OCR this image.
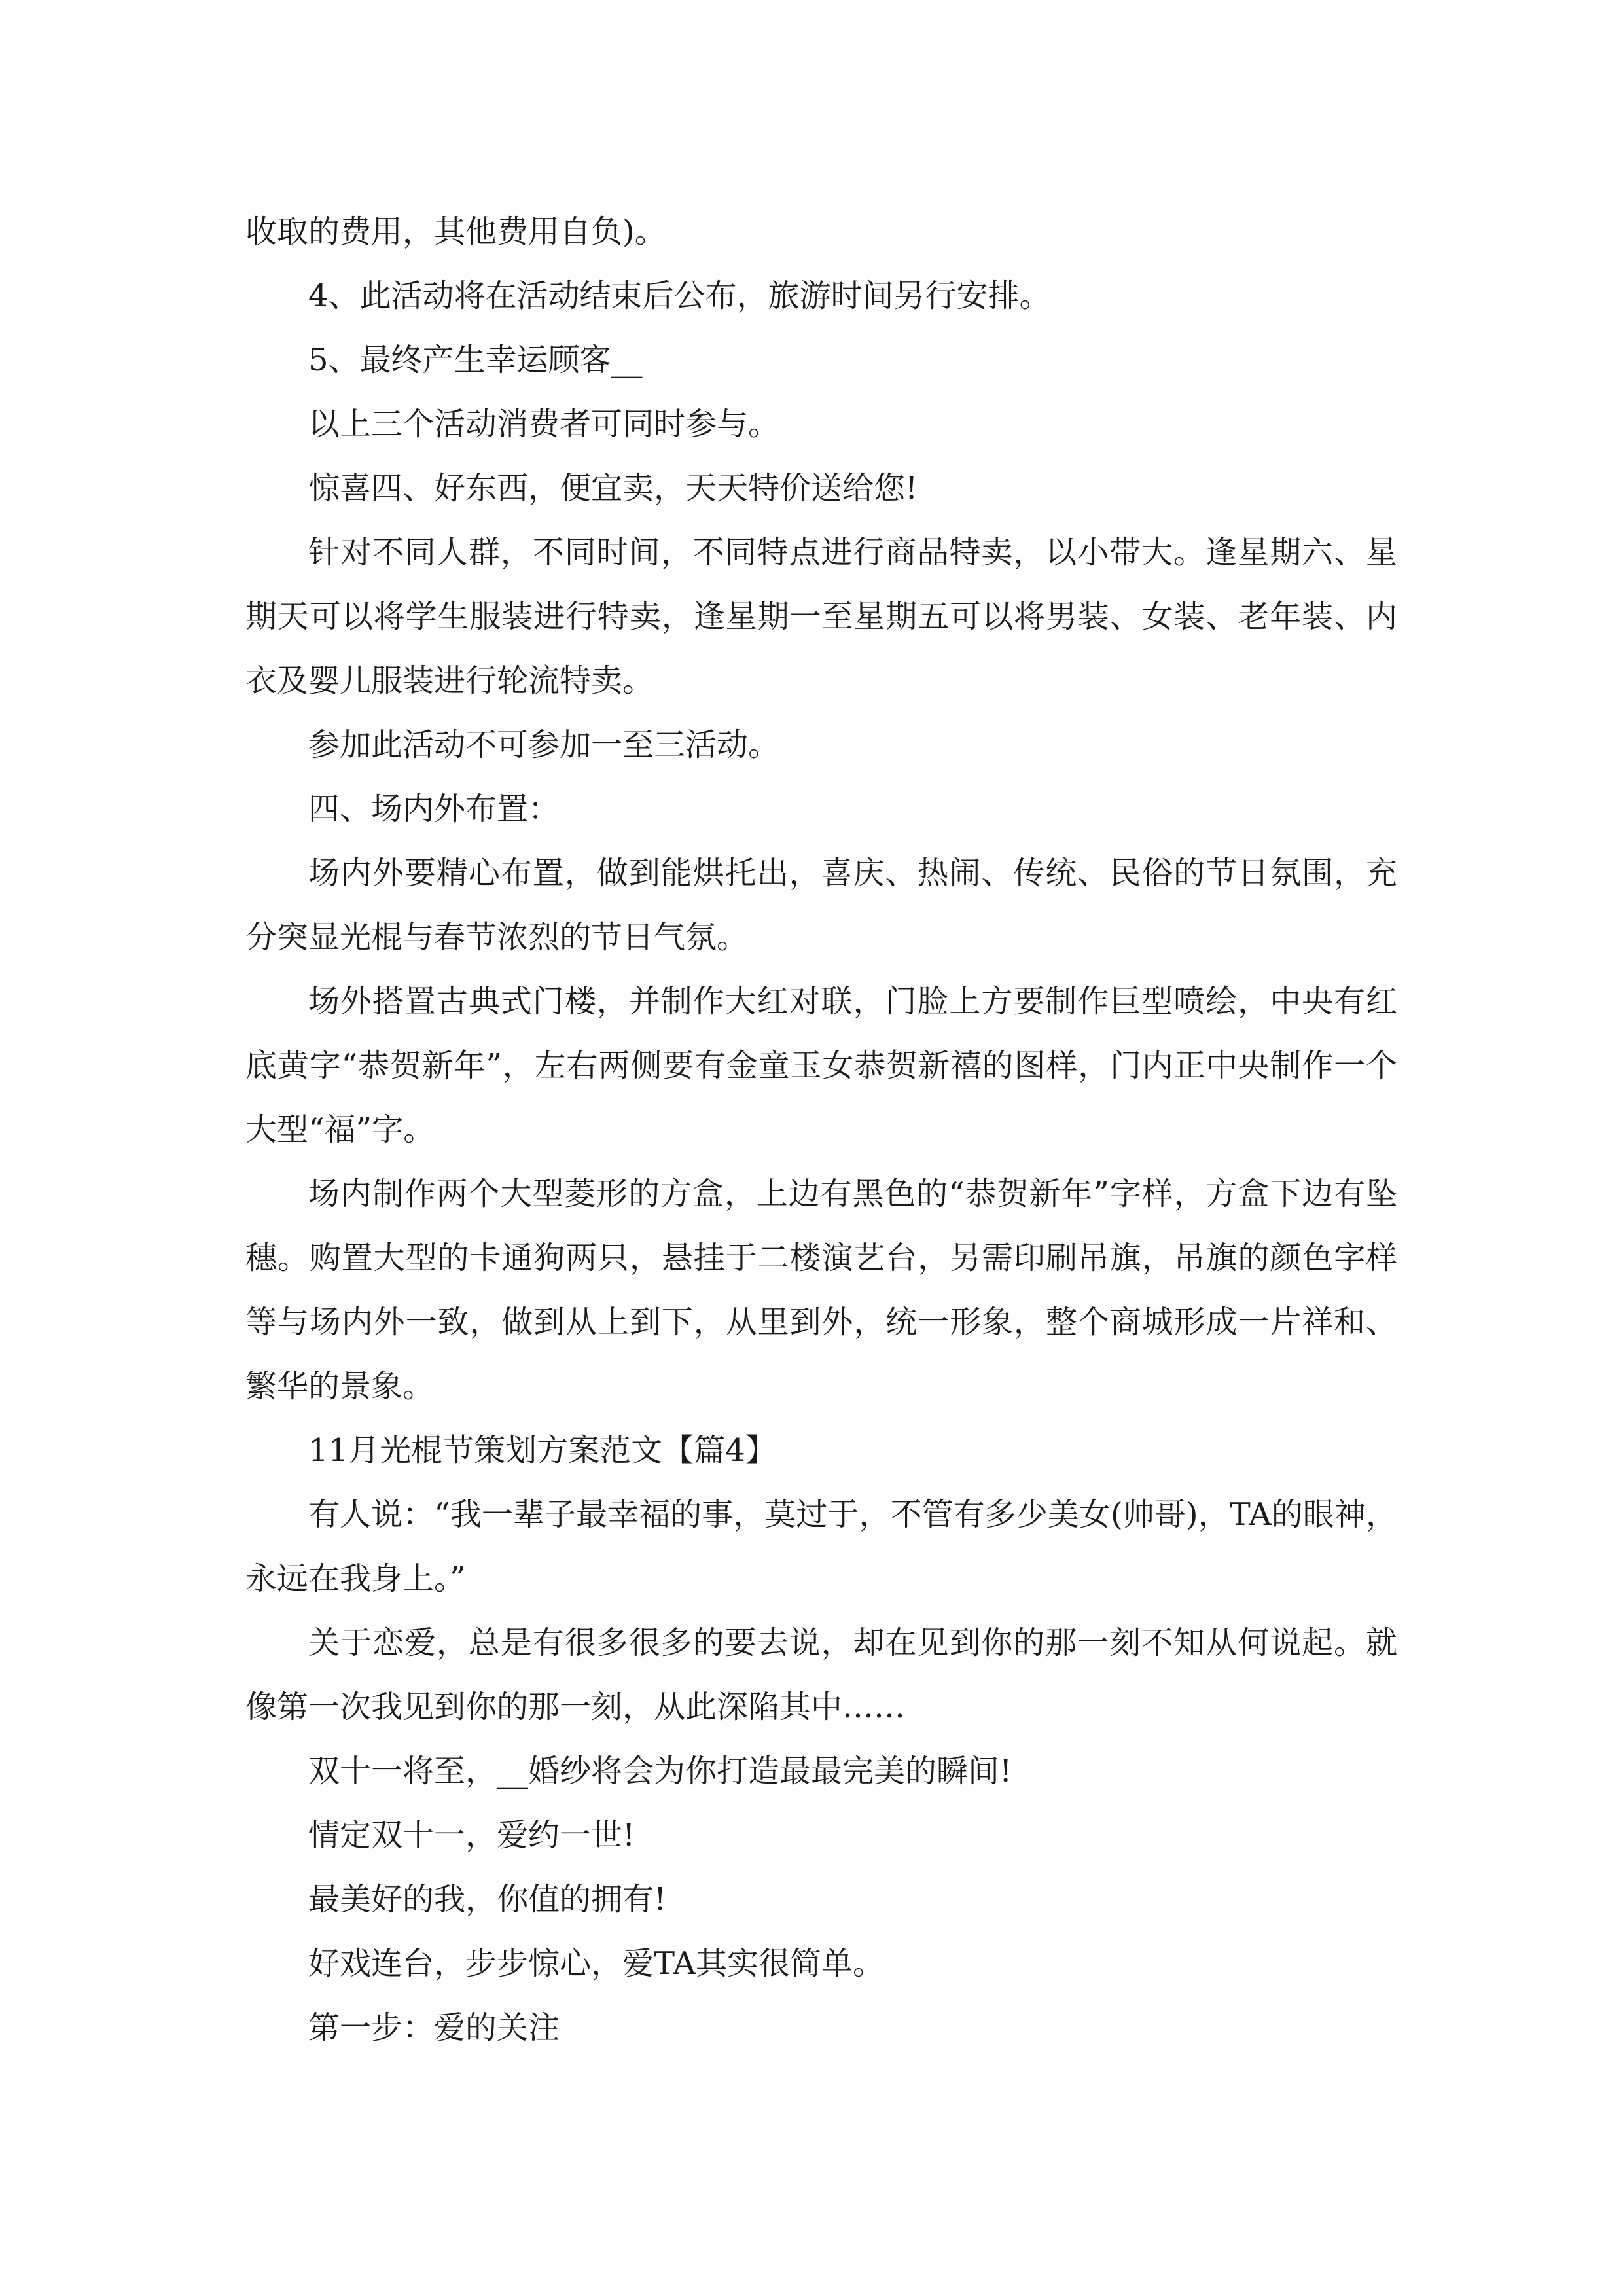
收取的费用，其他费用自负)。

4、此活动将在活动结束后公布，旅游时间另行安排。

5、最终产生幸运顾客__

以上三个活动消费者可同时参与。

惊喜四、好东西，便宜卖，天天特价送给您!

针对不同人群，不同时间，不同特点进行商品特卖，以小带大。逢星期六、星期天可以将学生服装进行特卖，逢星期一至星期五可以将男装、女装、老年装、内衣及婴儿服装进行轮流特卖。

参加此活动不可参加一至三活动。

四、场内外布置：

场内外要精心布置，做到能烘托出，喜庆、热闹、传统、民俗的节日氛围，充分突显光棍与春节浓烈的节日气氛。

场外搭置古典式门楼，并制作大红对联，门脸上方要制作巨型喷绘，中央有红底黄字“恭贺新年”，左右两侧要有金童玉女恭贺新禧的图样，门内正中央制作一个大型“福”字。

场内制作两个大型菱形的方盒，上边有黑色的“恭贺新年”字样，方盒下边有坠穗。购置大型的卡通狗两只，悬挂于二楼演艺台，另需印刷吊旗，吊旗的颜色字样等与场内外一致，做到从上到下，从里到外，统一形象，整个商城形成一片祥和、繁华的景象。

11月光棍节策划方案范文【篇4】

有人说：“我一辈子最幸福的事，莫过于，不管有多少美女(帅哥)，TA的眼神，永远在我身上。”

关于恋爱，总是有很多很多的要去说，却在见到你的那一刻不知从何说起。就像第一次我见到你的那一刻，从此深陷其中……

双十一将至，__婚纱将会为你打造最最完美的瞬间!

情定双十一，爱约一世!

最美好的我，你值的拥有!

好戏连台，步步惊心，爱TA其实很简单。

第一步：爱的关注
